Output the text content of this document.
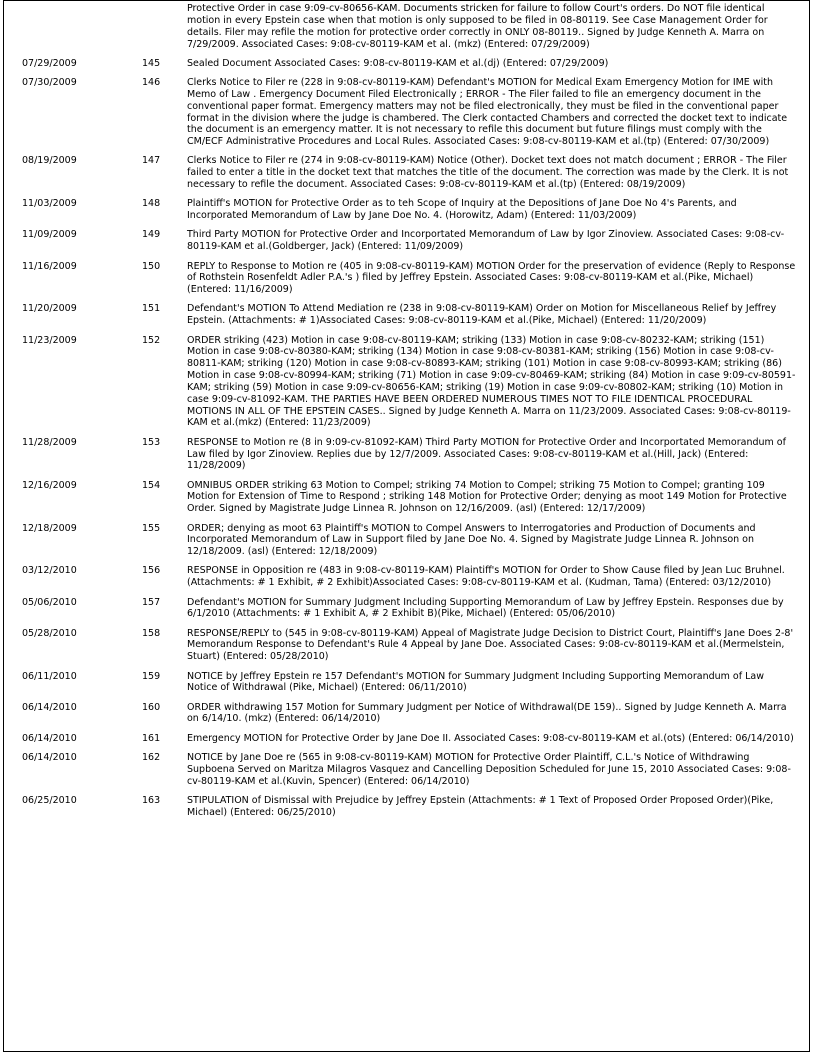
		Protective Order in case 9:09-cv-80656-KAM. Documents stricken for failure to follow Court's orders. Do NOT file identical motion in every Epstein case when that motion is only supposed to be filed in 08-80119. See Case Management Order for details. Filer may refile the motion for protective order correctly in ONLY 08-80119.. Signed by Judge Kenneth A. Marra on 7/29/2009. Associated Cases: 9:08-cv-80119-KAM et al. (mkz) (Entered: 07/29/2009)
07/29/2009	145	Sealed Document Associated Cases: 9:08-cv-80119-KAM et al.(dj) (Entered: 07/29/2009)
07/30/2009	146	Clerks Notice to Filer re (228 in 9:08-cv-80119-KAM) Defendant's MOTION for Medical Exam Emergency Motion for IME with Memo of Law . Emergency Document Filed Electronically ; ERROR - The Filer failed to file an emergency document in the conventional paper format. Emergency matters may not be filed electronically, they must be filed in the conventional paper format in the division where the judge is chambered. The Clerk contacted Chambers and corrected the docket text to indicate the document is an emergency matter. It is not necessary to refile this document but future filings must comply with the CM/ECF Administrative Procedures and Local Rules. Associated Cases: 9:08-cv-80119-KAM et al.(tp) (Entered: 07/30/2009)
08/19/2009	147	Clerks Notice to Filer re (274 in 9:08-cv-80119-KAM) Notice (Other). Docket text does not match document ; ERROR - The Filer failed to enter a title in the docket text that matches the title of the document. The correction was made by the Clerk. It is not necessary to refile the document. Associated Cases: 9:08-cv-80119-KAM et al.(tp) (Entered: 08/19/2009)
11/03/2009	148	Plaintiff's MOTION for Protective Order as to teh Scope of Inquiry at the Depositions of Jane Doe No 4's Parents, and Incorporated Memorandum of Law by Jane Doe No. 4. (Horowitz, Adam) (Entered: 11/03/2009)
11/09/2009	149	Third Party MOTION for Protective Order and Incorportated Memorandum of Law by Igor Zinoview. Associated Cases: 9:08-cv-80119-KAM et al.(Goldberger, Jack) (Entered: 11/09/2009)
11/16/2009	150	REPLY to Response to Motion re (405 in 9:08-cv-80119-KAM) MOTION Order for the preservation of evidence (Reply to Response of Rothstein Rosenfeldt Adler P.A.'s ) filed by Jeffrey Epstein. Associated Cases: 9:08-cv-80119-KAM et al.(Pike, Michael) (Entered: 11/16/2009)
11/20/2009	151	Defendant's MOTION To Attend Mediation re (238 in 9:08-cv-80119-KAM) Order on Motion for Miscellaneous Relief by Jeffrey Epstein. (Attachments: # 1)Associated Cases: 9:08-cv-80119-KAM et al.(Pike, Michael) (Entered: 11/20/2009)
11/23/2009	152	ORDER striking (423) Motion in case 9:08-cv-80119-KAM; striking (133) Motion in case 9:08-cv-80232-KAM; striking (151) Motion in case 9:08-cv-80380-KAM; striking (134) Motion in case 9:08-cv-80381-KAM; striking (156) Motion in case 9:08-cv-80811-KAM; striking (120) Motion in case 9:08-cv-80893-KAM; striking (101) Motion in case 9:08-cv-80993-KAM; striking (86) Motion in case 9:08-cv-80994-KAM; striking (71) Motion in case 9:09-cv-80469-KAM; striking (84) Motion in case 9:09-cv-80591-KAM; striking (59) Motion in case 9:09-cv-80656-KAM; striking (19) Motion in case 9:09-cv-80802-KAM; striking (10) Motion in case 9:09-cv-81092-KAM. THE PARTIES HAVE BEEN ORDERED NUMEROUS TIMES NOT TO FILE IDENTICAL PROCEDURAL MOTIONS IN ALL OF THE EPSTEIN CASES.. Signed by Judge Kenneth A. Marra on 11/23/2009. Associated Cases: 9:08-cv-80119-KAM et al.(mkz) (Entered: 11/23/2009)
11/28/2009	153	RESPONSE to Motion re (8 in 9:09-cv-81092-KAM) Third Party MOTION for Protective Order and Incorportated Memorandum of Law filed by Igor Zinoview. Replies due by 12/7/2009. Associated Cases: 9:08-cv-80119-KAM et al.(Hill, Jack) (Entered: 11/28/2009)
12/16/2009	154	OMNIBUS ORDER striking 63 Motion to Compel; striking 74 Motion to Compel; striking 75 Motion to Compel; granting 109 Motion for Extension of Time to Respond ; striking 148 Motion for Protective Order; denying as moot 149 Motion for Protective Order. Signed by Magistrate Judge Linnea R. Johnson on 12/16/2009. (asl) (Entered: 12/17/2009)
12/18/2009	155	ORDER; denying as moot 63 Plaintiff's MOTION to Compel Answers to Interrogatories and Production of Documents and Incorporated Memorandum of Law in Support filed by Jane Doe No. 4. Signed by Magistrate Judge Linnea R. Johnson on 12/18/2009. (asl) (Entered: 12/18/2009)
03/12/2010	156	RESPONSE in Opposition re (483 in 9:08-cv-80119-KAM) Plaintiff's MOTION for Order to Show Cause filed by Jean Luc Bruhnel. (Attachments: # 1 Exhibit, # 2 Exhibit)Associated Cases: 9:08-cv-80119-KAM et al. (Kudman, Tama) (Entered: 03/12/2010)
05/06/2010	157	Defendant's MOTION for Summary Judgment Including Supporting Memorandum of Law by Jeffrey Epstein. Responses due by 6/1/2010 (Attachments: # 1 Exhibit A, # 2 Exhibit B)(Pike, Michael) (Entered: 05/06/2010)
05/28/2010	158	RESPONSE/REPLY to (545 in 9:08-cv-80119-KAM) Appeal of Magistrate Judge Decision to District Court, Plaintiff's Jane Does 2-8' Memorandum Response to Defendant's Rule 4 Appeal by Jane Doe. Associated Cases: 9:08-cv-80119-KAM et al.(Mermelstein, Stuart) (Entered: 05/28/2010)
06/11/2010	159	NOTICE by Jeffrey Epstein re 157 Defendant's MOTION for Summary Judgment Including Supporting Memorandum of Law Notice of Withdrawal (Pike, Michael) (Entered: 06/11/2010)
06/14/2010	160	ORDER withdrawing 157 Motion for Summary Judgment per Notice of Withdrawal(DE 159).. Signed by Judge Kenneth A. Marra on 6/14/10. (mkz) (Entered: 06/14/2010)
06/14/2010	161	Emergency MOTION for Protective Order by Jane Doe II. Associated Cases: 9:08-cv-80119-KAM et al.(ots) (Entered: 06/14/2010)
06/14/2010	162	NOTICE by Jane Doe re (565 in 9:08-cv-80119-KAM) MOTION for Protective Order Plaintiff, C.L.'s Notice of Withdrawing Supboena Served on Maritza Milagros Vasquez and Cancelling Deposition Scheduled for June 15, 2010 Associated Cases: 9:08-cv-80119-KAM et al.(Kuvin, Spencer) (Entered: 06/14/2010)
06/25/2010	163	STIPULATION of Dismissal with Prejudice by Jeffrey Epstein (Attachments: # 1 Text of Proposed Order Proposed Order)(Pike, Michael) (Entered: 06/25/2010)
